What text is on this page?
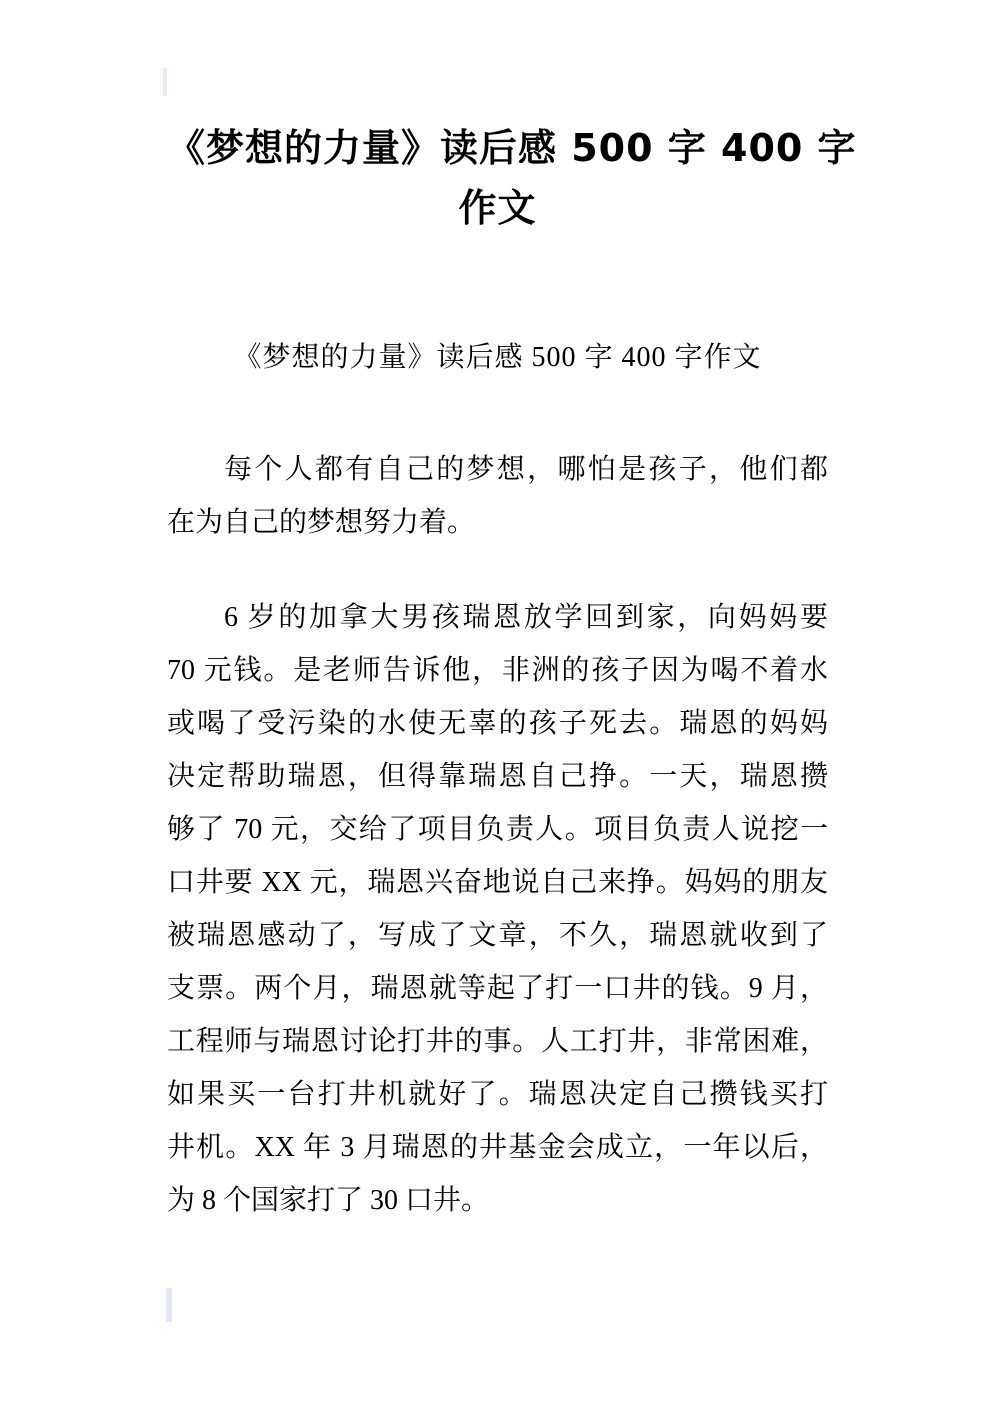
《梦想的力量》读后感 500 字 400 字
作文
《梦想的力量》读后感 500 字 400 字作文
每个人都有自己的梦想，哪怕是孩子，他们都
在为自己的梦想努力着。
6 岁的加拿大男孩瑞恩放学回到家，向妈妈要
70 元钱。是老师告诉他，非洲的孩子因为喝不着水
或喝了受污染的水使无辜的孩子死去。瑞恩的妈妈
决定帮助瑞恩，但得靠瑞恩自己挣。一天，瑞恩攒
够了 70 元，交给了项目负责人。项目负责人说挖一
口井要 XX 元，瑞恩兴奋地说自己来挣。妈妈的朋友
被瑞恩感动了，写成了文章，不久，瑞恩就收到了
支票。两个月，瑞恩就等起了打一口井的钱。9 月，
工程师与瑞恩讨论打井的事。人工打井，非常困难，
如果买一台打井机就好了。瑞恩决定自己攒钱买打
井机。XX 年 3 月瑞恩的井基金会成立，一年以后，
为 8 个国家打了 30 口井。
